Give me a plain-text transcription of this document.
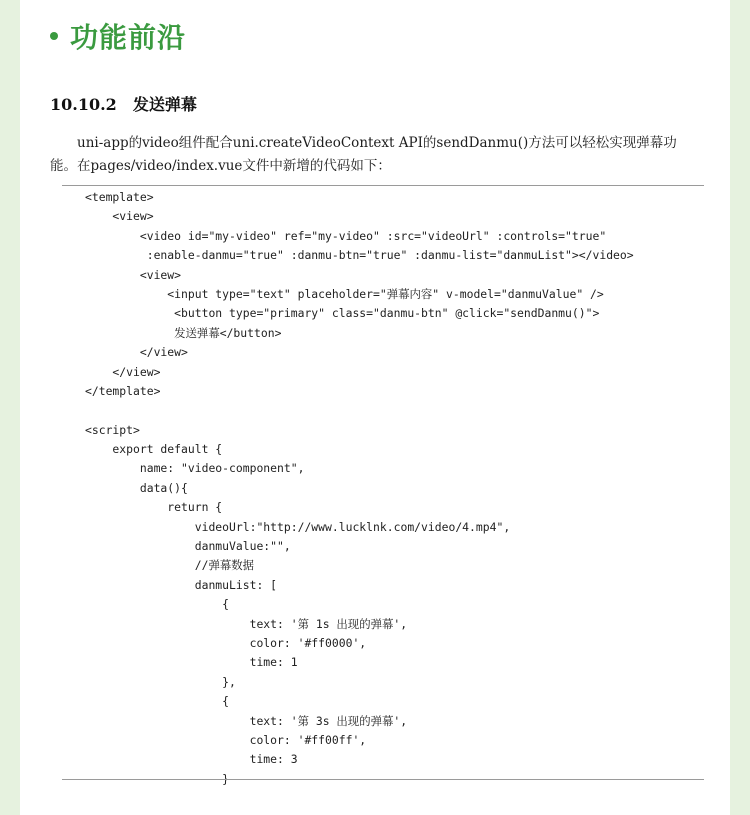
功能前沿
10.10.2 发送弹幕
uni-app的video组件配合uni.createVideoContext API的sendDanmu()方法可以轻松实现弹幕功能。在pages/video/index.vue文件中新增的代码如下：
<template>
<view>
<video id="my-video" ref="my-video" :src="videoUrl" :controls="true"
:enable-danmu="true" :danmu-btn="true" :danmu-list="danmuList"></video>
<view>
<input type="text" placeholder="弹幕内容" v-model="danmuValue" />
<button type="primary" class="danmu-btn" @click="sendDanmu()">
发送弹幕</button>
</view>
</view>
</template>
<script>
export default {
name: "video-component",
data(){
return {
videoUrl:"http://www.lucklnk.com/video/4.mp4",
danmuValue:"",
//弹幕数据
danmuList: [
{
text: '第 1s 出现的弹幕',
color: '#ff0000',
time: 1
},
{
text: '第 3s 出现的弹幕',
color: '#ff00ff',
time: 3
}
